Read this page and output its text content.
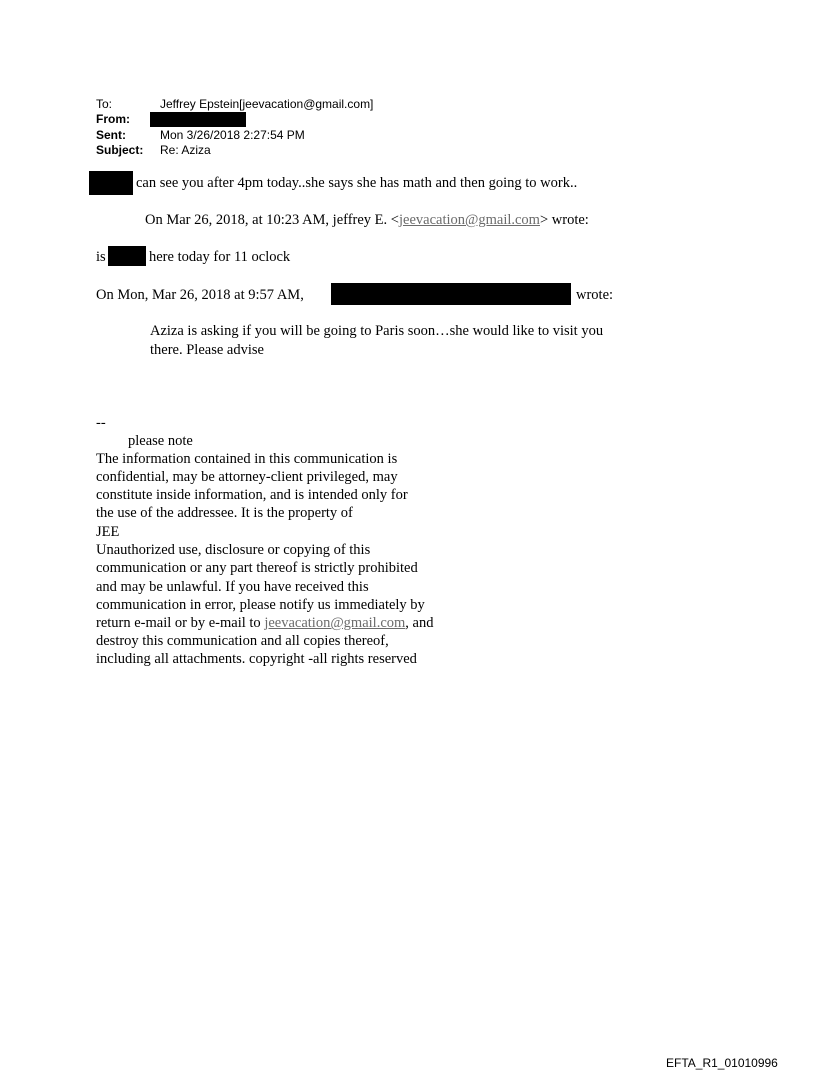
To:	Jeffrey Epstein[jeevacation@gmail.com]
From:
Sent:	Mon 3/26/2018 2:27:54 PM
Subject: Re: Aziza
can see you after 4pm today..she says she has math and then going to work..
On Mar 26, 2018, at 10:23 AM, jeffrey E. <jeevacation@gmail.com> wrote:
is	here today for 11 oclock
On Mon, Mar 26, 2018 at 9:57 AM,	wrote:
Aziza is asking if you will be going to Paris soon…she would like to visit you
there. Please advise
--
please note
The information contained in this communication is
confidential, may be attorney-client privileged, may
constitute inside information, and is intended only for
the use of the addressee. It is the property of
JEE
Unauthorized use, disclosure or copying of this
communication or any part thereof is strictly prohibited
and may be unlawful. If you have received this
communication in error, please notify us immediately by
return e-mail or by e-mail to jeevacation@gmail.com, and
destroy this communication and all copies thereof,
including all attachments. copyright -all rights reserved
EFTA_R1_01010996
